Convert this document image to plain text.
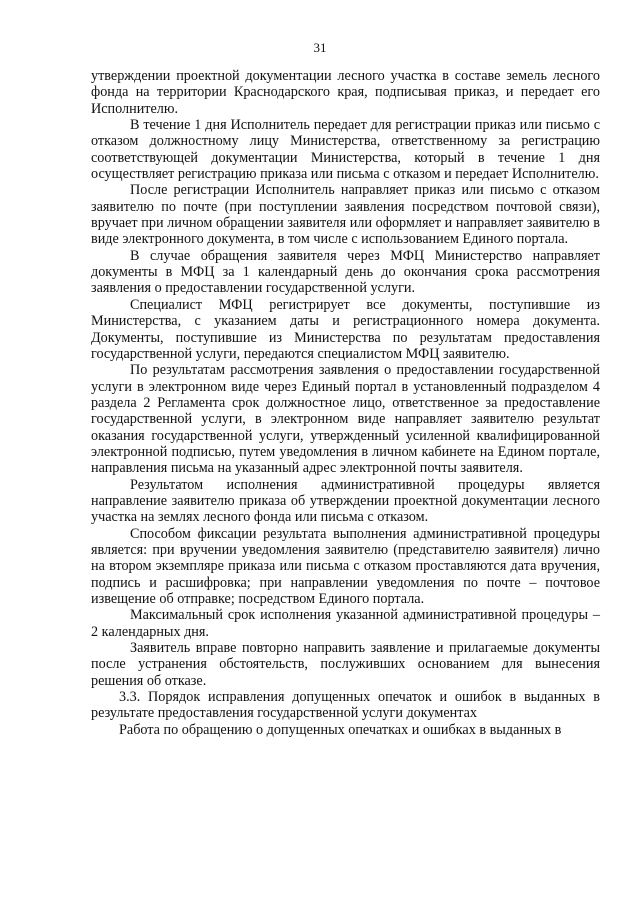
31

утверждении проектной документации лесного участка в составе земель лесного фонда на территории Краснодарского края, подписывая приказ, и передает его Исполнителю.

В течение 1 дня Исполнитель передает для регистрации приказ или письмо с отказом должностному лицу Министерства, ответственному за регистрацию соответствующей документации Министерства, который в течение 1 дня осуществляет регистрацию приказа или письма с отказом и передает Исполнителю.

После регистрации Исполнитель направляет приказ или письмо с отказом заявителю по почте (при поступлении заявления посредством почтовой связи), вручает при личном обращении заявителя или оформляет и направляет заявителю в виде электронного документа, в том числе с использованием Единого портала.

В случае обращения заявителя через МФЦ Министерство направляет документы в МФЦ за 1 календарный день до окончания срока рассмотрения заявления о предоставлении государственной услуги.

Специалист МФЦ регистрирует все документы, поступившие из Министерства, с указанием даты и регистрационного номера документа. Документы, поступившие из Министерства по результатам предоставления государственной услуги, передаются специалистом МФЦ заявителю.

По результатам рассмотрения заявления о предоставлении государственной услуги в электронном виде через Единый портал в установленный подразделом 4 раздела 2 Регламента срок должностное лицо, ответственное за предоставление государственной услуги, в электронном виде направляет заявителю результат оказания государственной услуги, утвержденный усиленной квалифицированной электронной подписью, путем уведомления в личном кабинете на Едином портале, направления письма на указанный адрес электронной почты заявителя.

Результатом исполнения административной процедуры является направление заявителю приказа об утверждении проектной документации лесного участка на землях лесного фонда или письма с отказом.

Способом фиксации результата выполнения административной процедуры является: при вручении уведомления заявителю (представителю заявителя) лично на втором экземпляре приказа или письма с отказом проставляются дата вручения, подпись и расшифровка; при направлении уведомления по почте – почтовое извещение об отправке; посредством Единого портала.

Максимальный срок исполнения указанной административной процедуры – 2 календарных дня.

Заявитель вправе повторно направить заявление и прилагаемые документы после устранения обстоятельств, послуживших основанием для вынесения решения об отказе.

3.3. Порядок исправления допущенных опечаток и ошибок в выданных в результате предоставления государственной услуги документах

Работа по обращению о допущенных опечатках и ошибках в выданных в
